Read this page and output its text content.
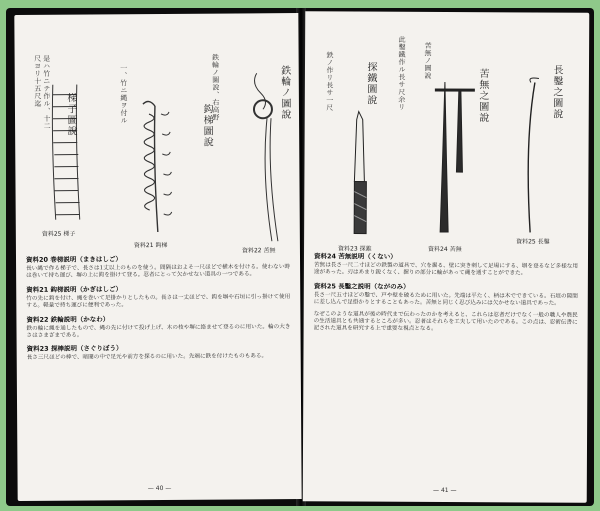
梯子圖說	鈎梯圖說
鉄輪ノ圖說
是ハ竹ニテ作ル、十二尺ヨリ十五尺迄	鉄輪ノ圖說、右高野
一、竹ニ縄ヲ付ル
資料25 梯子
資料21 鈎梯
資料22 苦無
資料20 巻梯説明（まきはしご）
長い縄で作る梯子で、長さは1丈以上のものを使う。間隔はおよそ一尺ほどで横木を付ける。使わない時は巻いて持ち運び、塀の上に鈎を掛けて登る。忍者にとって欠かせない道具の一つである。
資料21 鈎梯説明（かぎはしご）
竹の先に鈎を付け、縄を巻いて足掛かりとしたもの。長さは一丈ほどで、鈎を塀や石垣に引っ掛けて使用する。軽量で持ち運びに便利であった。
資料22 鉄輪説明（かなわ）
鉄の輪に縄を通したもので、縄の先に付けて投げ上げ、木の枝や塀に絡ませて登るのに用いた。輪の大きさはさまざまである。
資料23 探棒説明（さぐりぼう）
長さ三尺ほどの棒で、暗闇の中で足元や前方を探るのに用いた。先端に鉄を付けたものもある。
— 40 —
探鐵圖說	苦無之圖說	長鑿之圖說
此鑿鐵作ル長サ尺余リ	苦無ノ圖說
鉄ノ作リ長サ一尺
資料23 探錐	資料24 苦無
資料25 長鑿
資料24 苦無説明（くない）
苦無は長さ一尺二寸ほどの鉄製の道具で、穴を掘る、壁に突き刺して足場にする、塀を登るなど多様な用途があった。刃はあまり鋭くなく、握りの部分に輪があって縄を通すことができた。
資料25 長鑿之説明（ながのみ）
長さ一尺五寸ほどの鑿で、戸や壁を破るために用いた。先端は平たく、柄は木でできている。石垣の隙間に差し込んで足掛かりとすることもあった。苦無と同じく忍び込みには欠かせない道具であった。
なぜこのような道具が後の時代まで伝わったのかを考えると、これらは忍者だけでなく一般の職人や農民の生活道具とも共通するところが多い。忍者はそれらを工夫して用いたのである。この点は、忍術伝書に記された道具を研究する上で重要な視点となる。
— 41 —
